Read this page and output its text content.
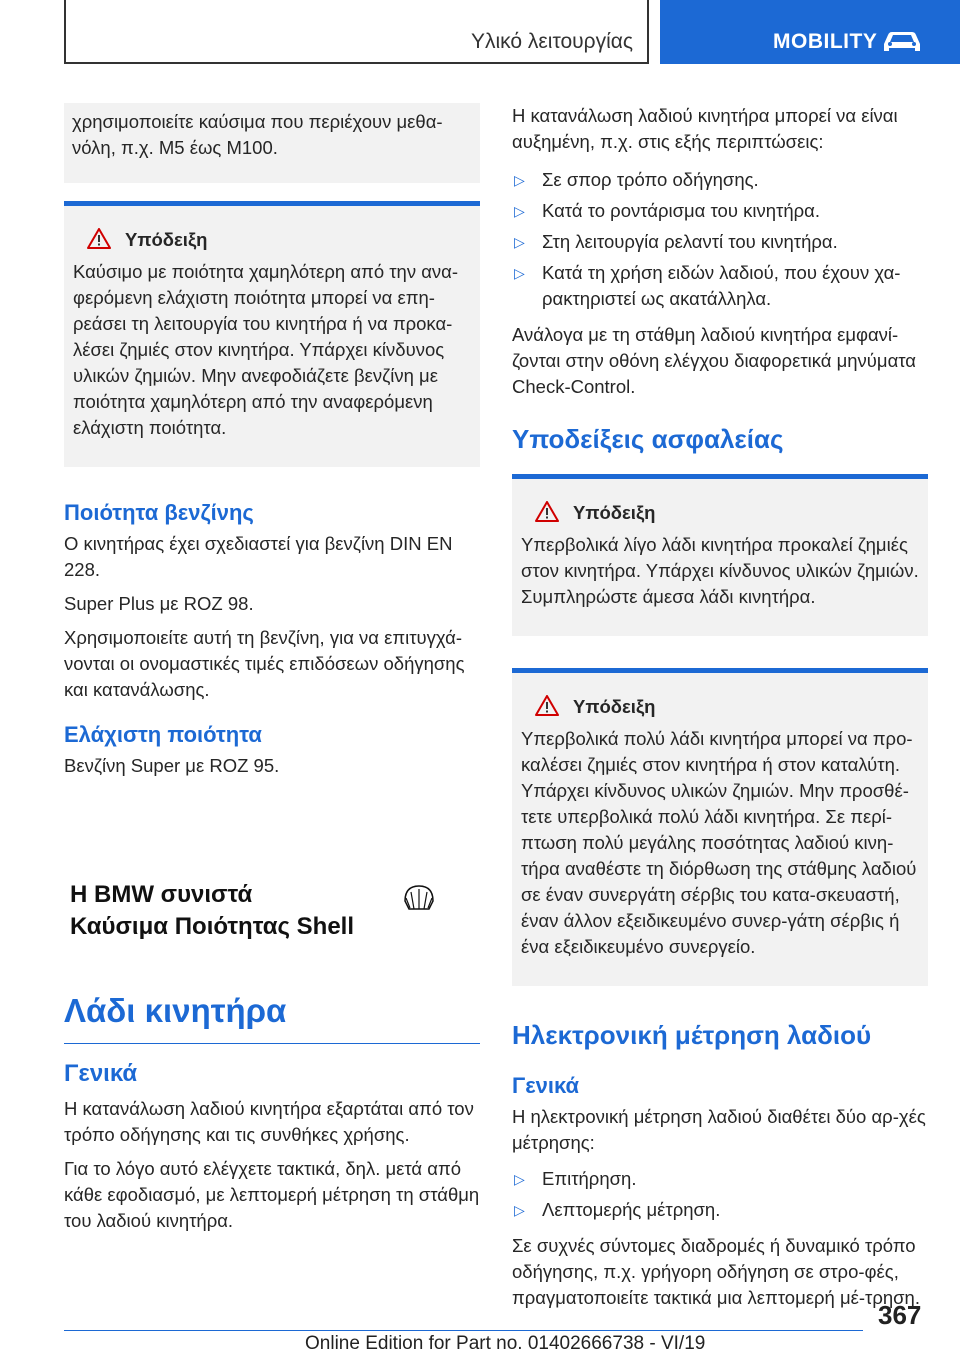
Υλικό λειτουργίας	MOBILITY

χρησιμοποιείτε καύσιμα που περιέχουν μεθα-νόλη, π.χ. M5 έως M100.

Υπόδειξη

Καύσιμο με ποιότητα χαμηλότερη από την ανα-φερόμενη ελάχιστη ποιότητα μπορεί να επη-ρεάσει τη λειτουργία του κινητήρα ή να προκα-λέσει ζημιές στον κινητήρα. Υπάρχει κίνδυνος υλικών ζημιών. Μην ανεφοδιάζετε βενζίνη με ποιότητα χαμηλότερη από την αναφερόμενη ελάχιστη ποιότητα.

Ποιότητα βενζίνης

Ο κινητήρας έχει σχεδιαστεί για βενζίνη DIN EN 228.

Super Plus με ROZ 98.

Χρησιμοποιείτε αυτή τη βενζίνη, για να επιτυγχά-νονται οι ονομαστικές τιμές επιδόσεων οδήγησης και κατανάλωσης.

Ελάχιστη ποιότητα

Βενζίνη Super με ROZ 95.

H BMW συνιστά
Καύσιμα Ποιότητας Shell
Λάδι κινητήρα
Γενικά

Η κατανάλωση λαδιού κινητήρα εξαρτάται από τον τρόπο οδήγησης και τις συνθήκες χρήσης.

Για το λόγο αυτό ελέγχετε τακτικά, δηλ. μετά από κάθε εφοδιασμό, με λεπτομερή μέτρηση τη στάθμη του λαδιού κινητήρα.

Η κατανάλωση λαδιού κινητήρα μπορεί να είναι αυξημένη, π.χ. στις εξής περιπτώσεις:

▷ Σε σπορ τρόπο οδήγησης.
▷ Κατά το ροντάρισμα του κινητήρα.
▷ Στη λειτουργία ρελαντί του κινητήρα.
▷ Κατά τη χρήση ειδών λαδιού, που έχουν χα-ρακτηριστεί ως ακατάλληλα.

Ανάλογα με τη στάθμη λαδιού κινητήρα εμφανί-ζονται στην οθόνη ελέγχου διαφορετικά μηνύματα Check-Control.

Υποδείξεις ασφαλείας
Υπόδειξη

Υπερβολικά λίγο λάδι κινητήρα προκαλεί ζημιές στον κινητήρα. Υπάρχει κίνδυνος υλικών ζημιών. Συμπληρώστε άμεσα λάδι κινητήρα.

Υπόδειξη

Υπερβολικά πολύ λάδι κινητήρα μπορεί να προ-καλέσει ζημιές στον κινητήρα ή στον καταλύτη. Υπάρχει κίνδυνος υλικών ζημιών. Μην προσθέ-τετε υπερβολικά πολύ λάδι κινητήρα. Σε περί-πτωση πολύ μεγάλης ποσότητας λαδιού κινη-τήρα αναθέστε τη διόρθωση της στάθμης λαδιού σε έναν συνεργάτη σέρβις του κατα-σκευαστή, έναν άλλον εξειδικευμένο συνερ-γάτη σέρβις ή ένα εξειδικευμένο συνεργείο.

Ηλεκτρονική μέτρηση λαδιού
Γενικά

Η ηλεκτρονική μέτρηση λαδιού διαθέτει δύο αρ-χές μέτρησης:

▷ Επιτήρηση.
▷ Λεπτομερής μέτρηση.

Σε συχνές σύντομες διαδρομές ή δυναμικό τρόπο οδήγησης, π.χ. γρήγορη οδήγηση σε στρο-φές, πραγματοποιείτε τακτικά μια λεπτομερή μέ-τρηση.

367
Online Edition for Part no. 01402666738 - VI/19
